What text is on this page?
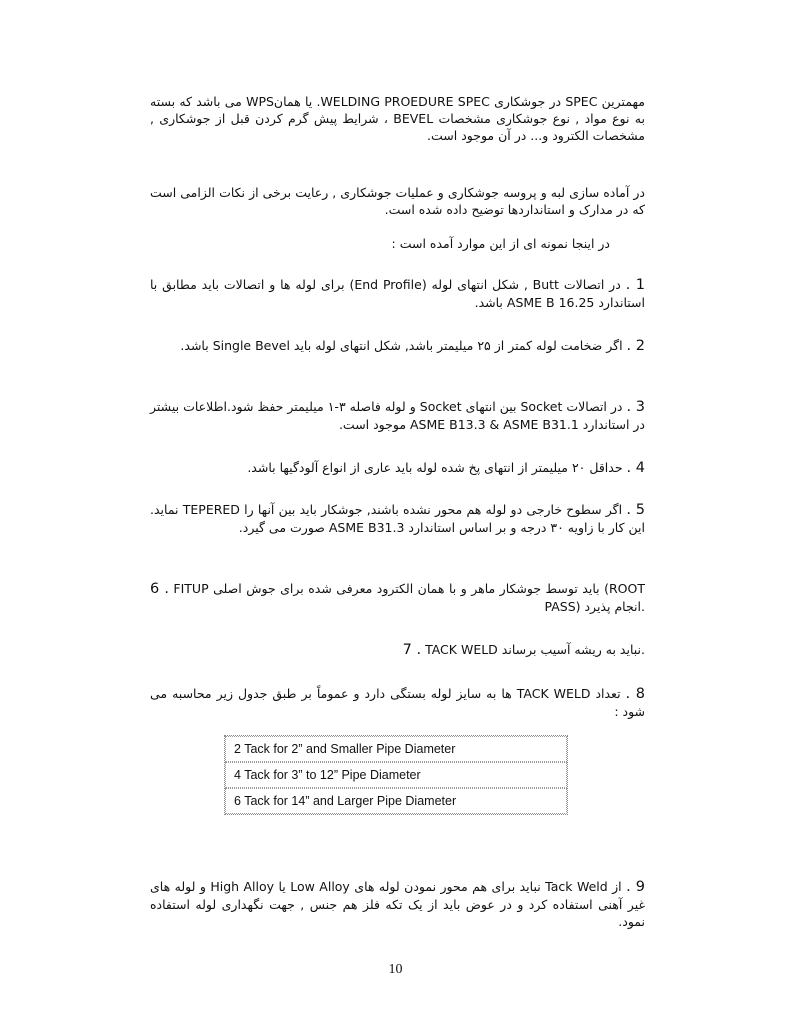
مهمترین SPEC در جوشکاری WELDING PROEDURE SPEC. یا همانWPS می باشد که بسته به نوع مواد , نوع جوشکاری مشخصات BEVEL ، شرایط پیش گرم کردن قبل از جوشکاری , مشخصات الکترود و... در آن موجود است.

در آماده سازی لبه و پروسه جوشکاری و عملیات جوشکاری , رعایت برخی از نکات الزامی است که در مدارک و استانداردها توضیح داده شده است.

در اینجا نمونه ای از این موارد آمده است :

1 . در اتصالات Butt , شکل انتهای لوله (End Profile) برای لوله ها و اتصالات باید مطابق با استاندارد ASME B 16.25 باشد.

2 . اگر ضخامت لوله کمتر از ۲۵ میلیمتر باشد, شکل انتهای لوله باید Single Bevel باشد.

3 . در اتصالات Socket بین انتهای Socket و لوله فاصله ۳-۱ میلیمتر حفظ شود.اطلاعات بیشتر در استاندارد ASME B13.3 & ASME B31.1 موجود است.

4 . حداقل ۲۰ میلیمتر از انتهای پخ شده لوله باید عاری از انواع آلودگیها باشد.

5 . اگر سطوح خارجی دو لوله هم محور نشده باشند, جوشکار باید بین آنها را TEPERED نماید. این کار با زاویه ۳۰ درجه و بر اساس استاندارد ASME B31.3 صورت می گیرد.

6 . FITUP باید توسط جوشکار ماهر و با همان الکترود معرفی شده برای جوش اصلی (ROOT PASS) انجام پذیرد.

7 . TACK WELD نباید به ریشه آسیب برساند.

8 . تعداد TACK WELD ها به سایز لوله بستگی دارد و عموماً بر طبق جدول زیر محاسبه می شود :

2 Tack for 2” and Smaller Pipe Diameter
4 Tack for 3” to 12” Pipe Diameter
6 Tack for 14” and Larger Pipe Diameter

9 . از Tack Weld نباید برای هم محور نمودن لوله های Low Alloy یا High Alloy و لوله های غیر آهنی استفاده کرد و در عوض باید از یک تکه فلز هم جنس , جهت نگهداری لوله استفاده نمود.

10
